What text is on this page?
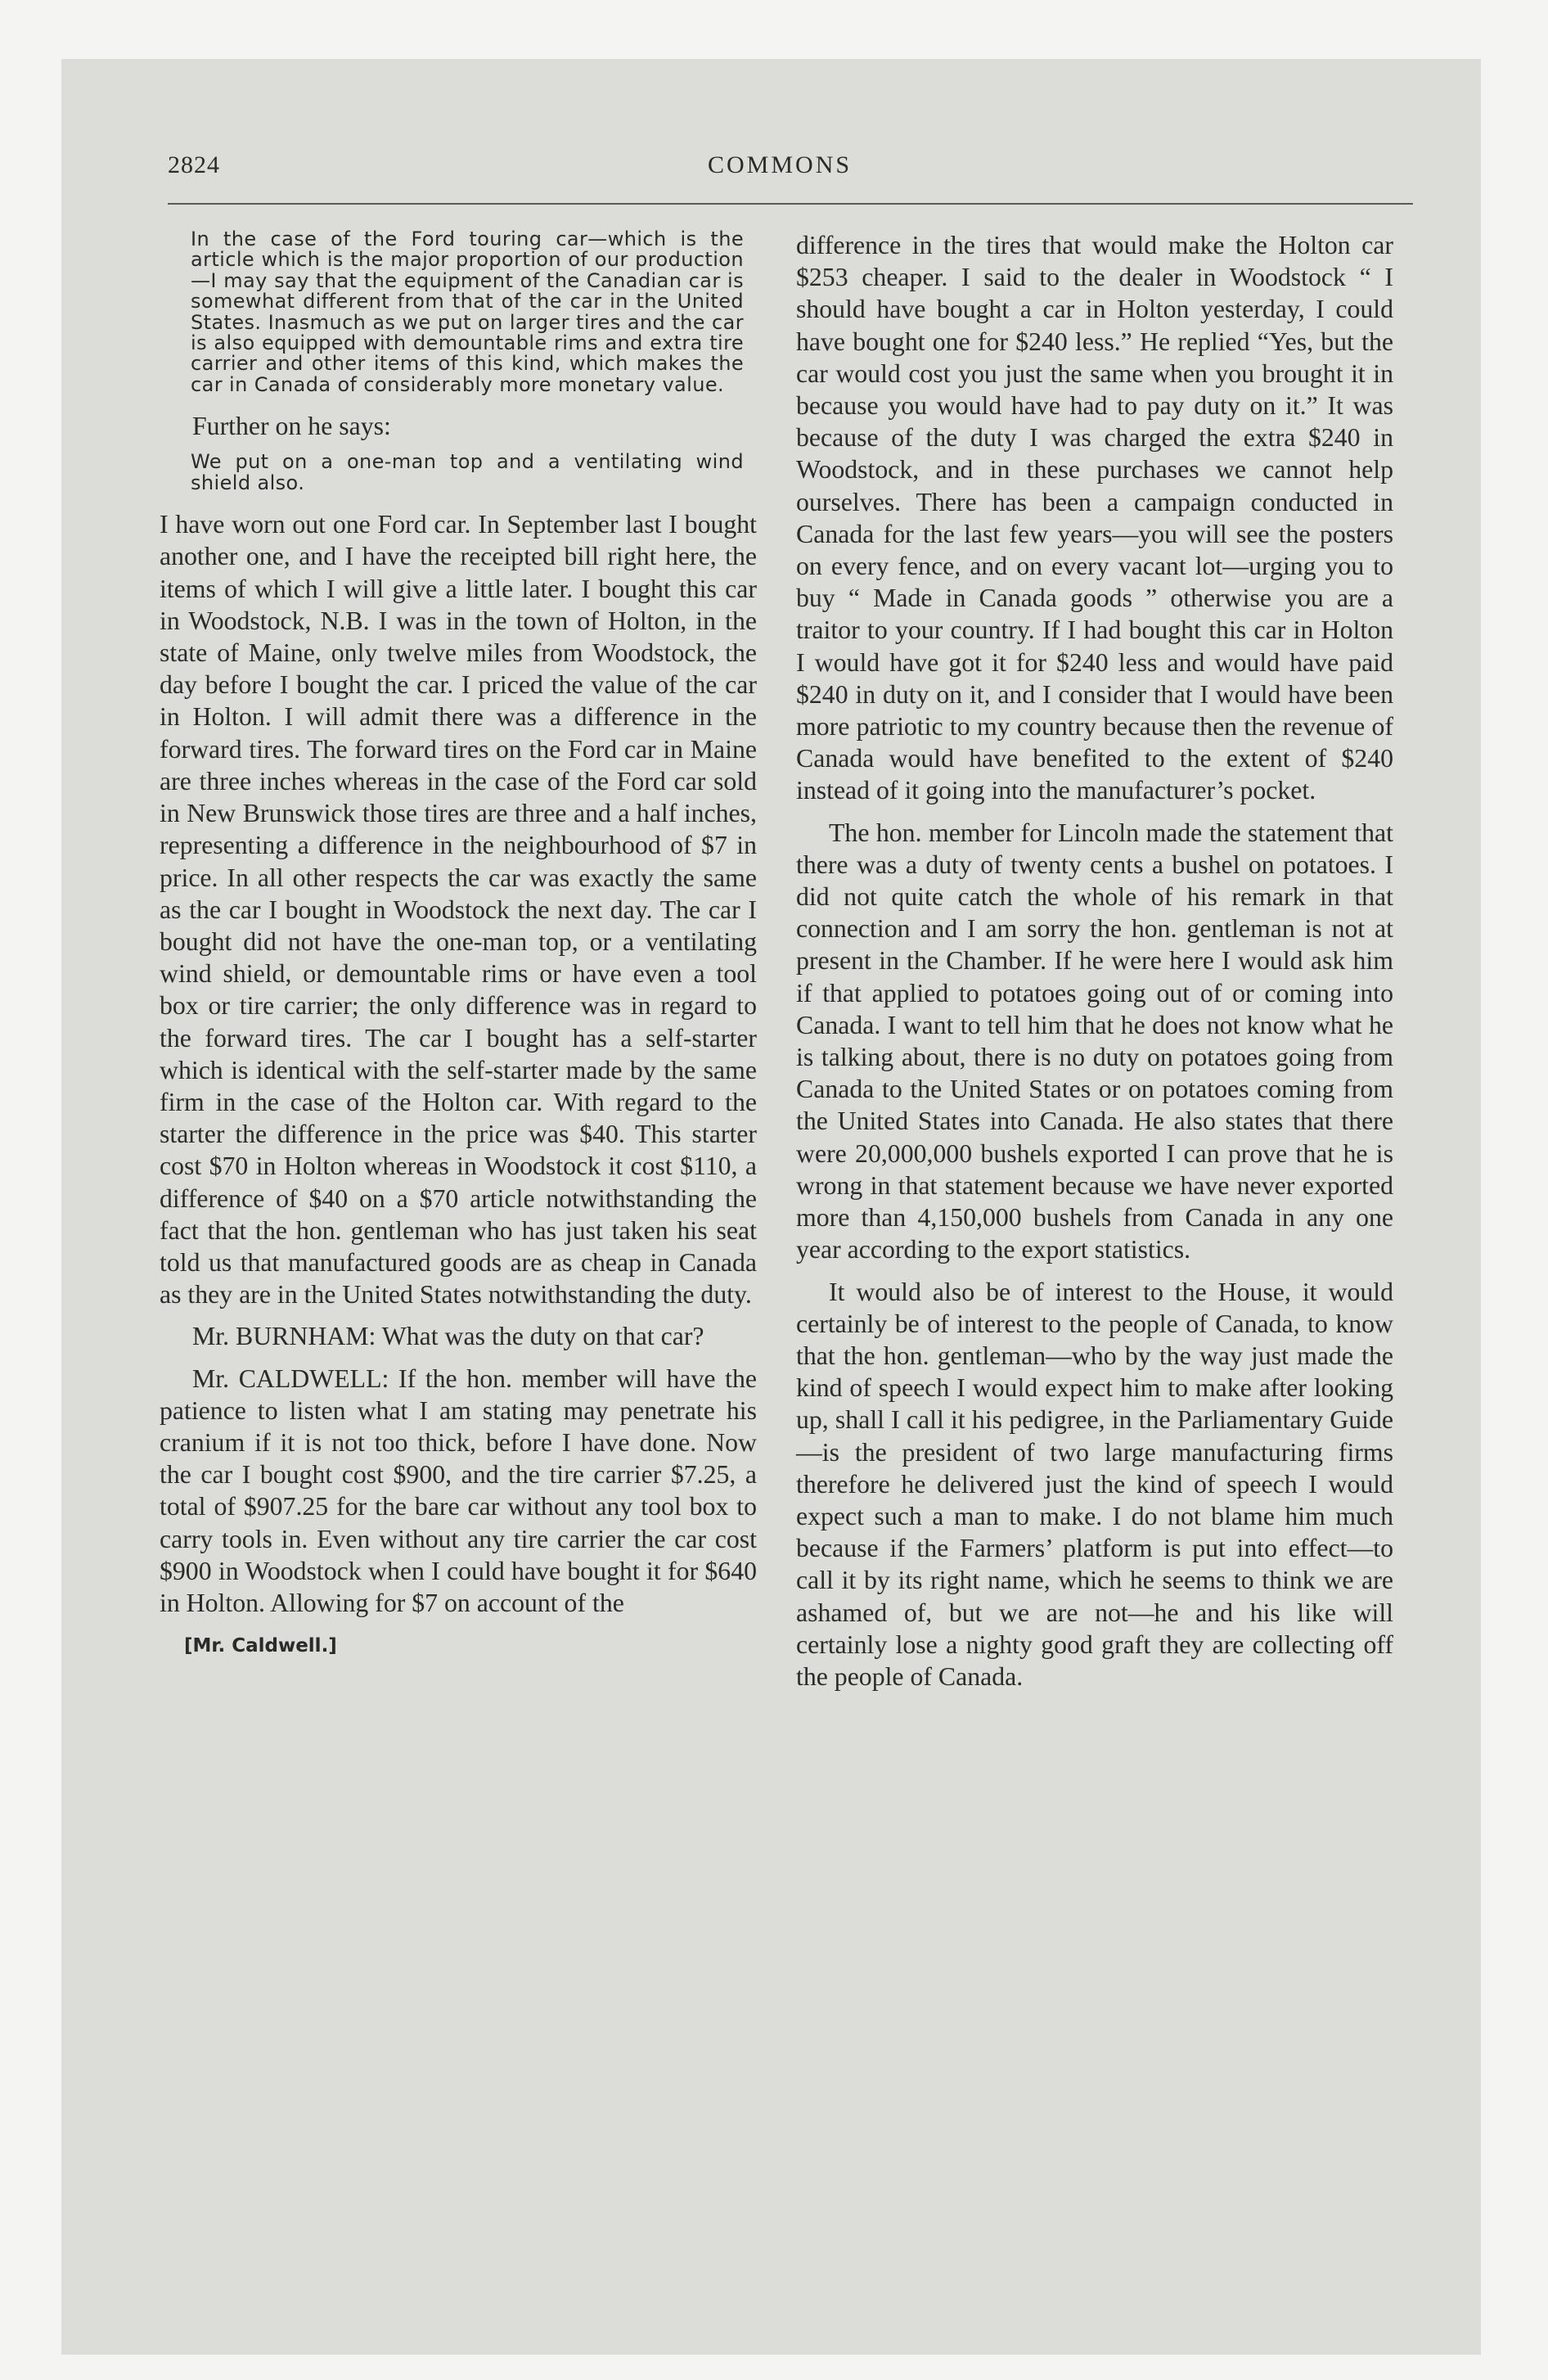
2824	COMMONS

In the case of the Ford touring car—which is the article which is the major proportion of our production—I may say that the equipment of the Canadian car is somewhat different from that of the car in the United States. Inasmuch as we put on larger tires and the car is also equipped with demountable rims and extra tire carrier and other items of this kind, which makes the car in Canada of considerably more monetary value.

Further on he says:

We put on a one-man top and a ventilating wind shield also.

I have worn out one Ford car. In September last I bought another one, and I have the receipted bill right here, the items of which I will give a little later. I bought this car in Woodstock, N.B. I was in the town of Holton, in the state of Maine, only twelve miles from Woodstock, the day before I bought the car. I priced the value of the car in Holton. I will admit there was a difference in the forward tires. The forward tires on the Ford car in Maine are three inches whereas in the case of the Ford car sold in New Brunswick those tires are three and a half inches, representing a difference in the neighbourhood of $7 in price. In all other respects the car was exactly the same as the car I bought in Woodstock the next day. The car I bought did not have the one-man top, or a ventilating wind shield, or demountable rims or have even a tool box or tire carrier; the only difference was in regard to the forward tires. The car I bought has a self-starter which is identical with the self-starter made by the same firm in the case of the Holton car. With regard to the starter the difference in the price was $40. This starter cost $70 in Holton whereas in Woodstock it cost $110, a difference of $40 on a $70 article notwithstanding the fact that the hon. gentleman who has just taken his seat told us that manufactured goods are as cheap in Canada as they are in the United States notwithstanding the duty.

Mr. BURNHAM: What was the duty on that car?

Mr. CALDWELL: If the hon. member will have the patience to listen what I am stating may penetrate his cranium if it is not too thick, before I have done. Now the car I bought cost $900, and the tire carrier $7.25, a total of $907.25 for the bare car without any tool box to carry tools in. Even without any tire carrier the car cost $900 in Woodstock when I could have bought it for $640 in Holton. Allowing for $7 on account of the

[Mr. Caldwell.]

difference in the tires that would make the Holton car $253 cheaper. I said to the dealer in Woodstock “ I should have bought a car in Holton yesterday, I could have bought one for $240 less.” He replied “Yes, but the car would cost you just the same when you brought it in because you would have had to pay duty on it.” It was because of the duty I was charged the extra $240 in Woodstock, and in these purchases we cannot help ourselves. There has been a campaign conducted in Canada for the last few years—you will see the posters on every fence, and on every vacant lot—urging you to buy “ Made in Canada goods ” otherwise you are a traitor to your country. If I had bought this car in Holton I would have got it for $240 less and would have paid $240 in duty on it, and I consider that I would have been more patriotic to my country because then the revenue of Canada would have benefited to the extent of $240 instead of it going into the manufacturer’s pocket.

The hon. member for Lincoln made the statement that there was a duty of twenty cents a bushel on potatoes. I did not quite catch the whole of his remark in that connection and I am sorry the hon. gentleman is not at present in the Chamber. If he were here I would ask him if that applied to potatoes going out of or coming into Canada. I want to tell him that he does not know what he is talking about, there is no duty on potatoes going from Canada to the United States or on potatoes coming from the United States into Canada. He also states that there were 20,000,000 bushels exported I can prove that he is wrong in that statement because we have never exported more than 4,150,000 bushels from Canada in any one year according to the export statistics.

It would also be of interest to the House, it would certainly be of interest to the people of Canada, to know that the hon. gentleman—who by the way just made the kind of speech I would expect him to make after looking up, shall I call it his pedigree, in the Parliamentary Guide—is the president of two large manufacturing firms therefore he delivered just the kind of speech I would expect such a man to make. I do not blame him much because if the Farmers’ platform is put into effect—to call it by its right name, which he seems to think we are ashamed of, but we are not—he and his like will certainly lose a nighty good graft they are collecting off the people of Canada.
